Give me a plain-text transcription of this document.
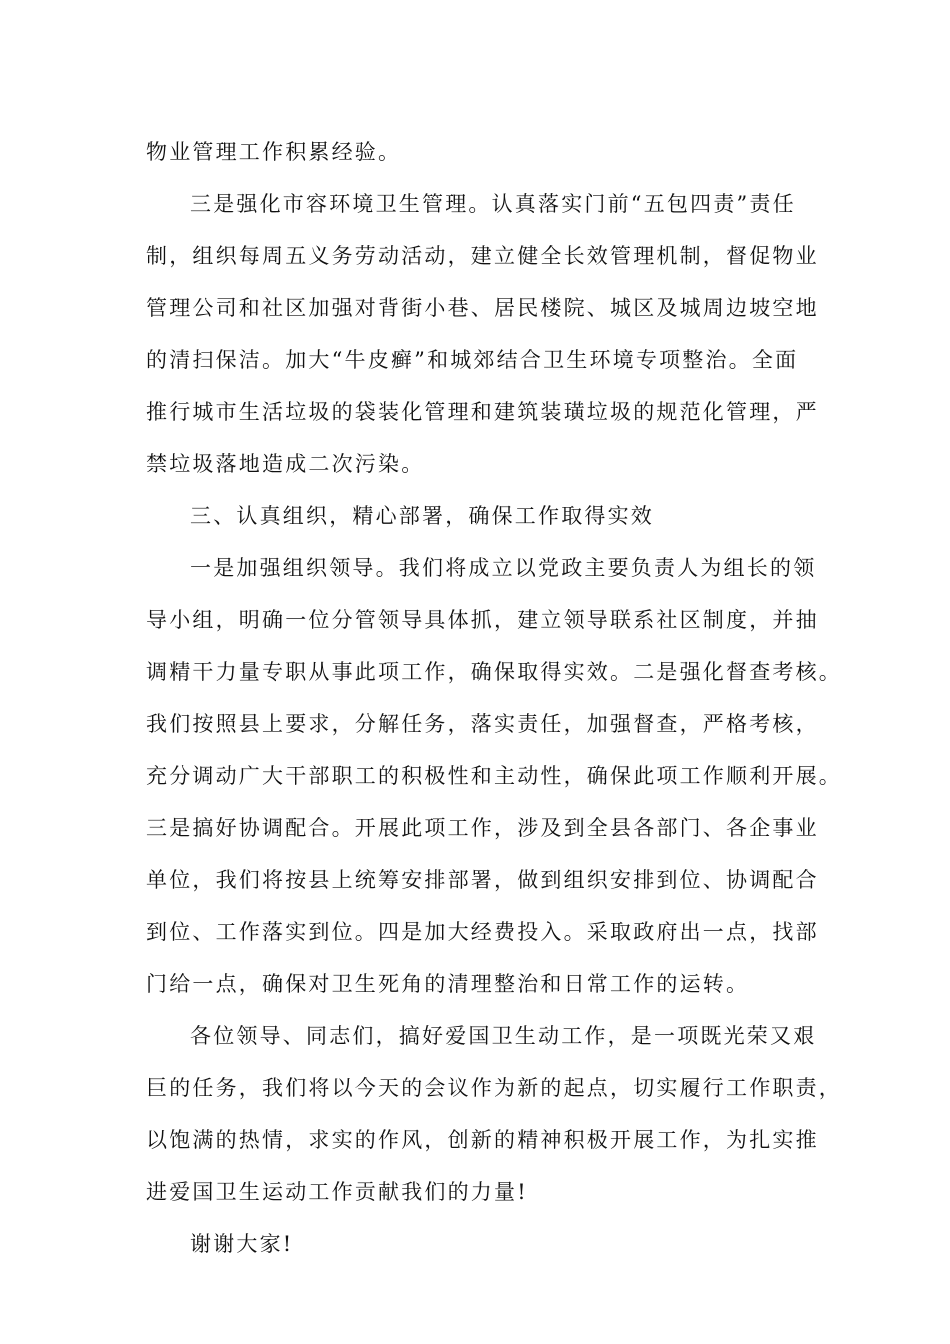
物业管理工作积累经验。
三是强化市容环境卫生管理。认真落实门前“五包四责”责任
制，组织每周五义务劳动活动，建立健全长效管理机制，督促物业
管理公司和社区加强对背街小巷、居民楼院、城区及城周边坡空地
的清扫保洁。加大“牛皮癣”和城郊结合卫生环境专项整治。全面
推行城市生活垃圾的袋装化管理和建筑装璜垃圾的规范化管理，严
禁垃圾落地造成二次污染。
三、认真组织，精心部署，确保工作取得实效
一是加强组织领导。我们将成立以党政主要负责人为组长的领
导小组，明确一位分管领导具体抓，建立领导联系社区制度，并抽
调精干力量专职从事此项工作，确保取得实效。二是强化督查考核。
我们按照县上要求，分解任务，落实责任，加强督查，严格考核，
充分调动广大干部职工的积极性和主动性，确保此项工作顺利开展。
三是搞好协调配合。开展此项工作，涉及到全县各部门、各企事业
单位，我们将按县上统筹安排部署，做到组织安排到位、协调配合
到位、工作落实到位。四是加大经费投入。采取政府出一点，找部
门给一点，确保对卫生死角的清理整治和日常工作的运转。
各位领导、同志们，搞好爱国卫生动工作，是一项既光荣又艰
巨的任务，我们将以今天的会议作为新的起点，切实履行工作职责，
以饱满的热情，求实的作风，创新的精神积极开展工作，为扎实推
进爱国卫生运动工作贡献我们的力量!
谢谢大家!
